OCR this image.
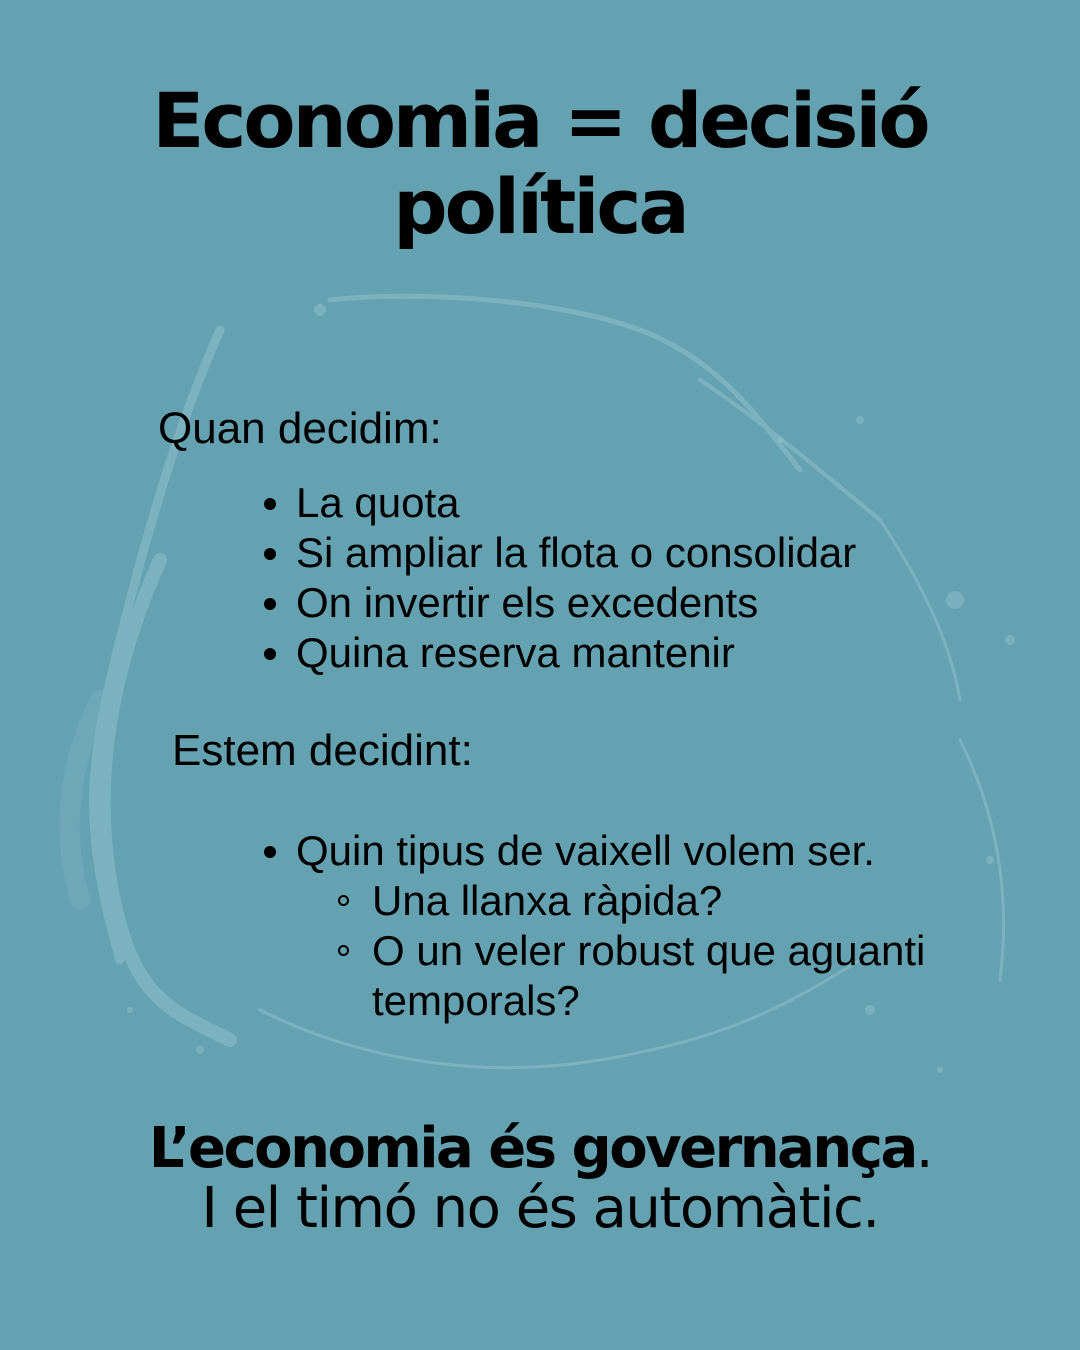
Economia = decisió política

Quan decidim:

La quota
Si ampliar la flota o consolidar
On invertir els excedents
Quina reserva mantenir

Estem decidint:

Quin tipus de vaixell volem ser.
Una llanxa ràpida?
O un veler robust que aguanti temporals?

L’economia és governança.

I el timó no és automàtic.
